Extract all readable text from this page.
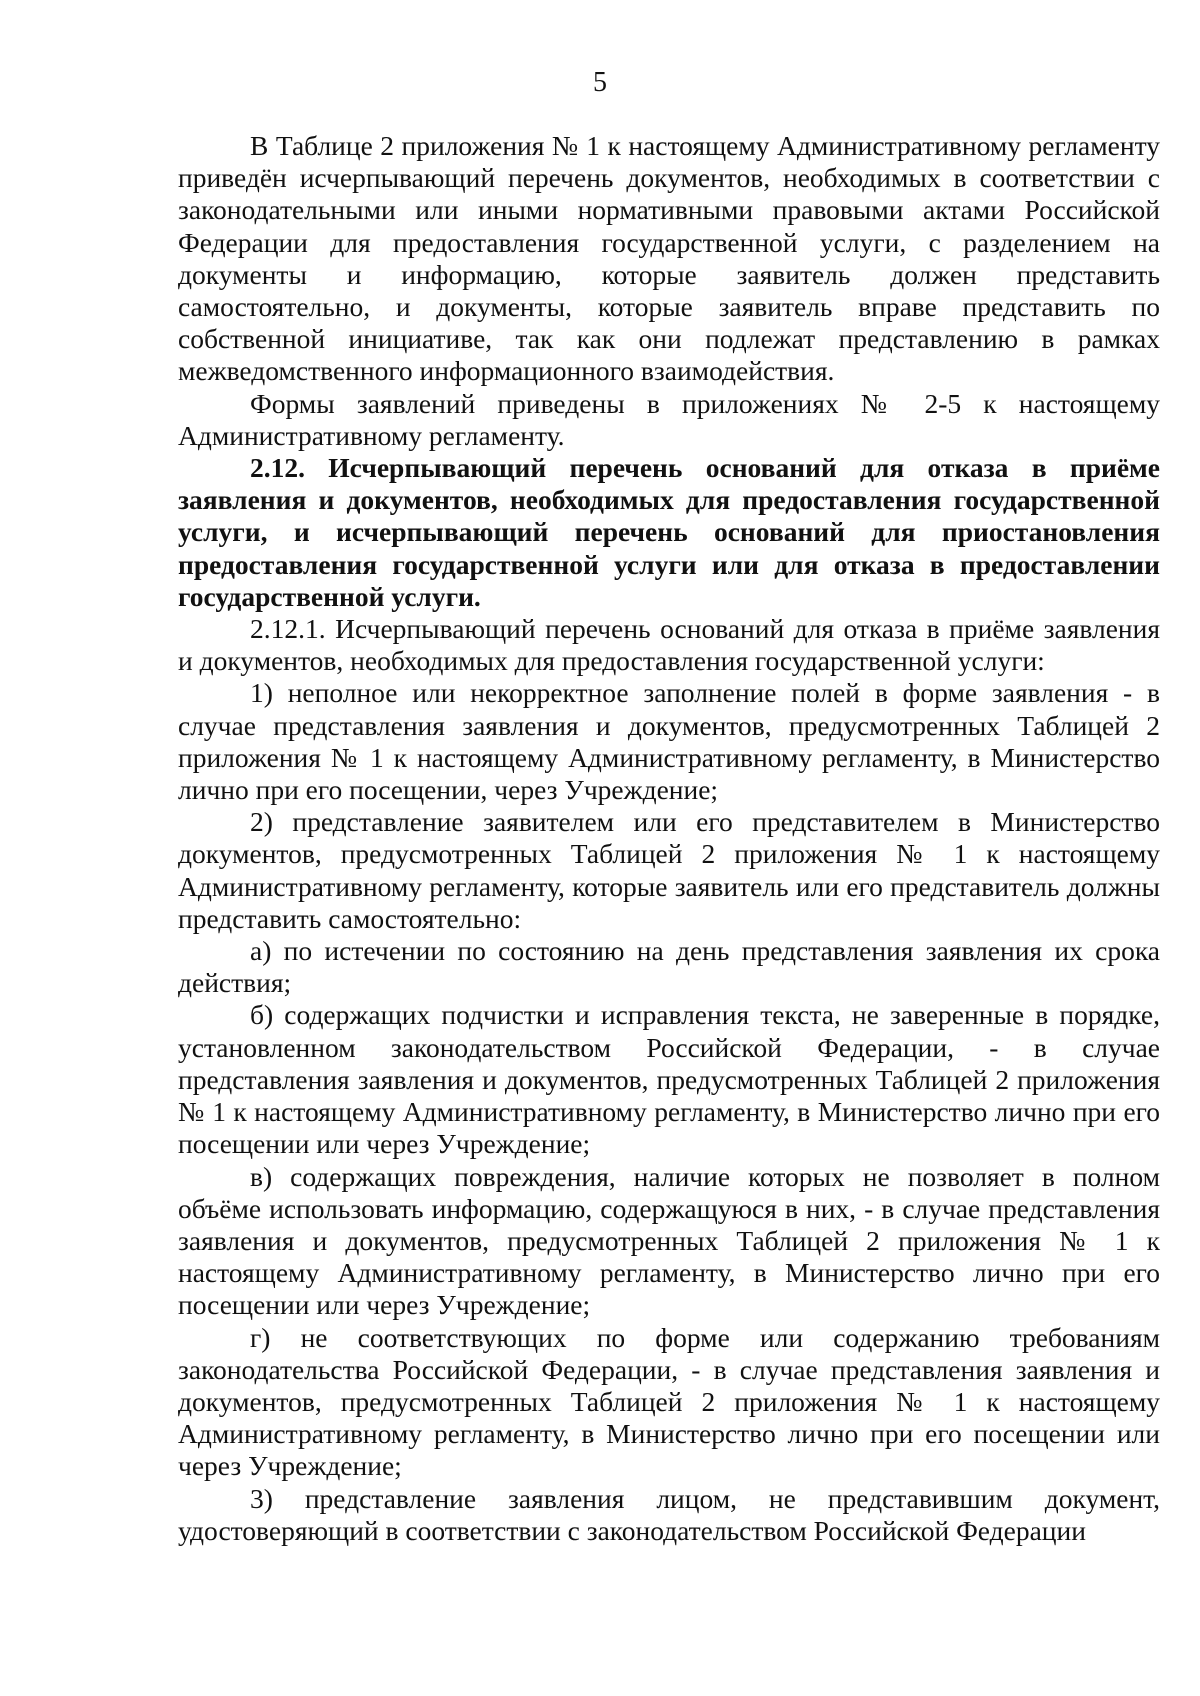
5

В Таблице 2 приложения № 1 к настоящему Административному регламенту приведён исчерпывающий перечень документов, необходимых в соответствии с законодательными или иными нормативными правовыми актами Российской Федерации для предоставления государственной услуги, с разделением на документы и информацию, которые заявитель должен представить самостоятельно, и документы, которые заявитель вправе представить по собственной инициативе, так как они подлежат представлению в рамках межведомственного информационного взаимодействия.

Формы заявлений приведены в приложениях № 2-5 к настоящему Административному регламенту.

2.12. Исчерпывающий перечень оснований для отказа в приёме заявления и документов, необходимых для предоставления государственной услуги, и исчерпывающий перечень оснований для приостановления предоставления государственной услуги или для отказа в предоставлении государственной услуги.

2.12.1. Исчерпывающий перечень оснований для отказа в приёме заявления и документов, необходимых для предоставления государственной услуги:

1) неполное или некорректное заполнение полей в форме заявления - в случае представления заявления и документов, предусмотренных Таблицей 2 приложения № 1 к настоящему Административному регламенту, в Министерство лично при его посещении, через Учреждение;

2) представление заявителем или его представителем в Министерство документов, предусмотренных Таблицей 2 приложения № 1 к настоящему Административному регламенту, которые заявитель или его представитель должны представить самостоятельно:

а) по истечении по состоянию на день представления заявления их срока действия;

б) содержащих подчистки и исправления текста, не заверенные в порядке, установленном законодательством Российской Федерации, - в случае представления заявления и документов, предусмотренных Таблицей 2 приложения № 1 к настоящему Административному регламенту, в Министерство лично при его посещении или через Учреждение;

в) содержащих повреждения, наличие которых не позволяет в полном объёме использовать информацию, содержащуюся в них, - в случае представления заявления и документов, предусмотренных Таблицей 2 приложения № 1 к настоящему Административному регламенту, в Министерство лично при его посещении или через Учреждение;

г) не соответствующих по форме или содержанию требованиям законодательства Российской Федерации, - в случае представления заявления и документов, предусмотренных Таблицей 2 приложения № 1 к настоящему Административному регламенту, в Министерство лично при его посещении или через Учреждение;

3) представление заявления лицом, не представившим документ, удостоверяющий в соответствии с законодательством Российской Федерации
